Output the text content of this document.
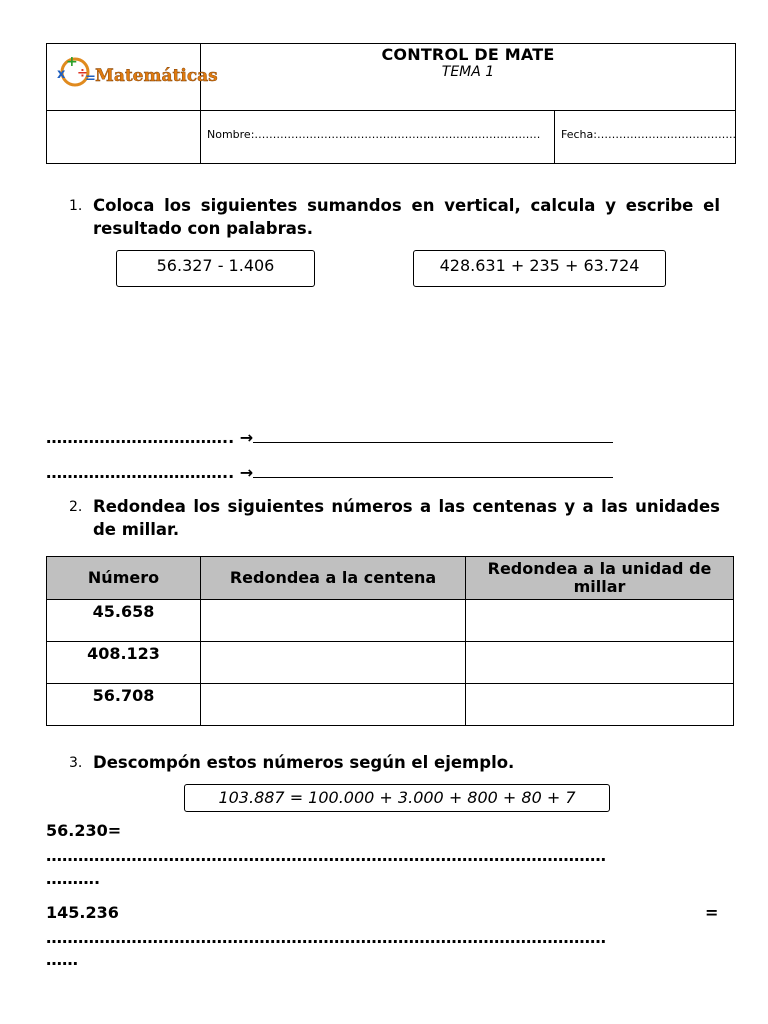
x
+
÷
= Matemáticas
CONTROL DE MATE
TEMA 1
Nombre:……………………………………………………………………	Fecha:………………………………..
1. Coloca los siguientes sumandos en vertical, calcula y escribe el resultado con palabras.
56.327 - 1.406	428.631 + 235 + 63.724
…………………………….. →
…………………………….. →
2. Redondea los siguientes números a las centenas y a las unidades de millar.
Número	Redondea a la centena	Redondea a la unidad de millar
45.658		
408.123		
56.708		
3. Descompón estos números según el ejemplo.
103.887 = 100.000 + 3.000 + 800 + 80 + 7
56.230=
……………………………………………………………………………………………
……….
145.236	=
……………………………………………………………………………………………
……
